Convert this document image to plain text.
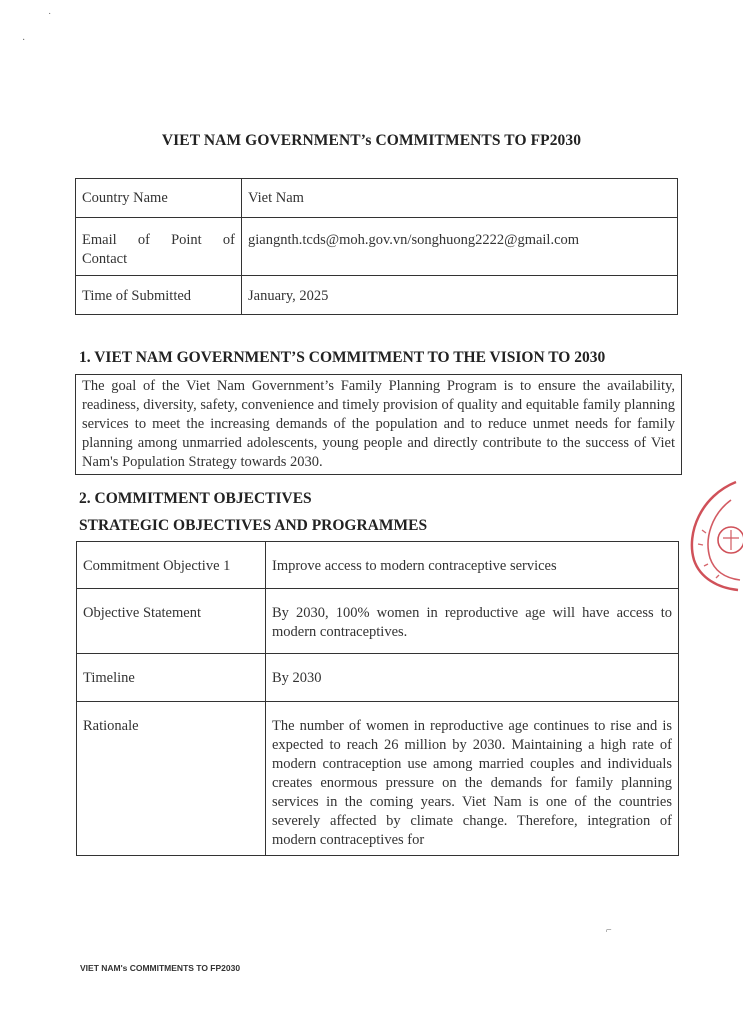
VIET NAM GOVERNMENT’s COMMITMENTS TO FP2030
Country Name	Viet Nam

Email of Point of
Contact	giangnth.tcds@moh.gov.vn/songhuong2222@gmail.com
Time of Submitted	January, 2025
1. VIET NAM GOVERNMENT’S COMMITMENT TO THE VISION TO 2030
The goal of the Viet Nam Government’s Family Planning Program is to ensure the availability, readiness, diversity, safety, convenience and timely provision of quality and equitable family planning services to meet the increasing demands of the population and to reduce unmet needs for family planning among unmarried adolescents, young people and directly contribute to the success of Viet Nam's Population Strategy towards 2030.
2. COMMITMENT OBJECTIVES
STRATEGIC OBJECTIVES AND PROGRAMMES
Commitment Objective 1	Improve access to modern contraceptive services
Objective Statement	By 2030, 100% women in reproductive age will have access to modern contraceptives.
Timeline	By 2030
Rationale	The number of women in reproductive age continues to rise and is expected to reach 26 million by 2030. Maintaining a high rate of modern contraception use among married couples and individuals creates enormous pressure on the demands for family planning services in the coming years. Viet Nam is one of the countries severely affected by climate change. Therefore, integration of modern contraceptives for
˙
·
⌐
VIET NAM's COMMITMENTS TO FP2030
